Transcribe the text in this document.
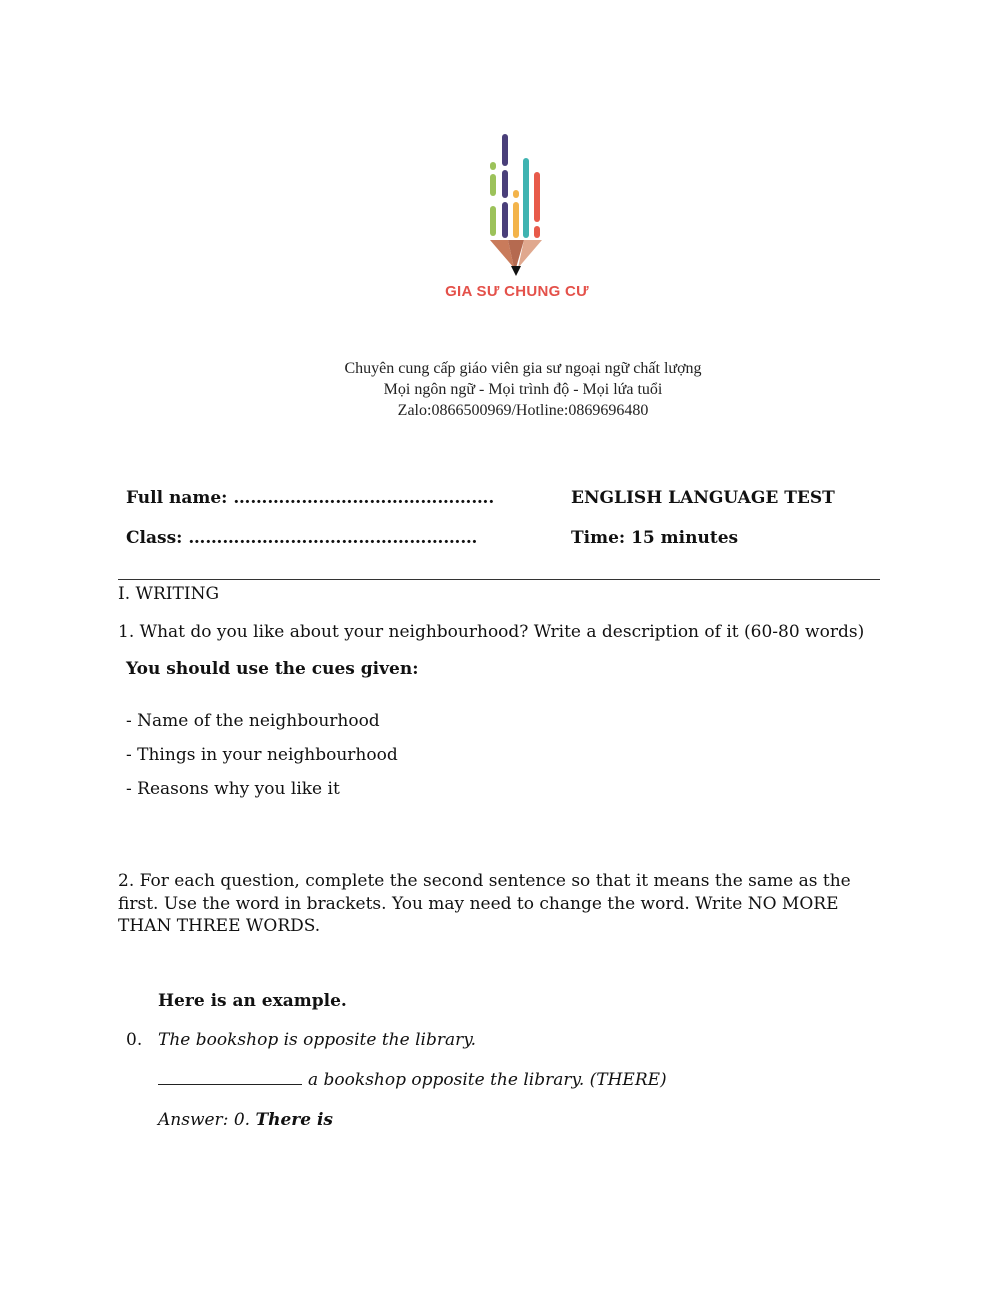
GIA SƯ CHUNG CƯ
Chuyên cung cấp giáo viên gia sư ngoại ngữ chất lượng
Mọi ngôn ngữ - Mọi trình độ - Mọi lứa tuổi
Zalo:0866500969/Hotline:0869696480
Full name: ……………………………………….
Class: ……………………………………………
ENGLISH LANGUAGE TEST
Time: 15 minutes
I. WRITING
1. What do you like about your neighbourhood? Write a description of it (60-80 words)
You should use the cues given:
- Name of the neighbourhood
- Things in your neighbourhood
- Reasons why you like it
2. For each question, complete the second sentence so that it means the same as the first. Use the word in brackets. You may need to change the word. Write NO MORE THAN THREE WORDS.
Here is an example.
0. The bookshop is opposite the library.
a bookshop opposite the library. (THERE)
Answer: 0. There is
